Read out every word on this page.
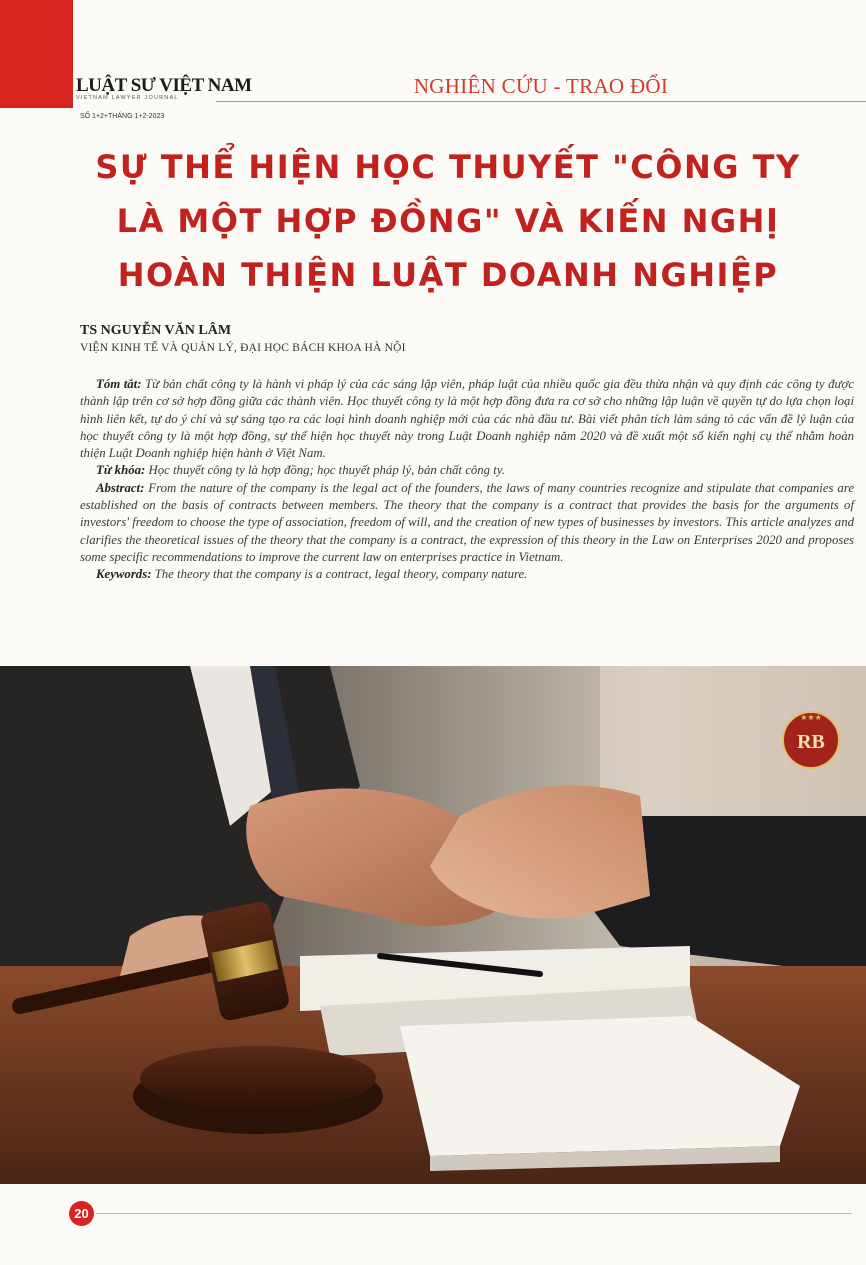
LUẬT SƯ VIỆT NAM
VIETNAM LAWYER JOURNAL
SỐ 1+2+THÁNG 1+2-2023
NGHIÊN CỨU - TRAO ĐỔI
SỰ THỂ HIỆN HỌC THUYẾT "CÔNG TY
LÀ MỘT HỢP ĐỒNG" VÀ KIẾN NGHỊ
HOÀN THIỆN LUẬT DOANH NGHIỆP
TS NGUYỄN VĂN LÂM
VIỆN KINH TẾ VÀ QUẢN LÝ, ĐẠI HỌC BÁCH KHOA HÀ NỘI

Tóm tắt: Từ bản chất công ty là hành vi pháp lý của các sáng lập viên, pháp luật của nhiều quốc gia đều thừa nhận và quy định các công ty được thành lập trên cơ sở hợp đồng giữa các thành viên. Học thuyết công ty là một hợp đồng đưa ra cơ sở cho những lập luận về quyền tự do lựa chọn loại hình liên kết, tự do ý chí và sự sáng tạo ra các loại hình doanh nghiệp mới của các nhà đầu tư. Bài viết phân tích làm sáng tỏ các vấn đề lý luận của học thuyết công ty là một hợp đồng, sự thể hiện học thuyết này trong Luật Doanh nghiệp năm 2020 và đề xuất một số kiến nghị cụ thể nhằm hoàn thiện Luật Doanh nghiệp hiện hành ở Việt Nam.

Từ khóa: Học thuyết công ty là hợp đồng; học thuyết pháp lý, bản chất công ty.

Abstract: From the nature of the company is the legal act of the founders, the laws of many countries recognize and stipulate that companies are established on the basis of contracts between members. The theory that the company is a contract that provides the basis for the arguments of investors' freedom to choose the type of association, freedom of will, and the creation of new types of businesses by investors. This article analyzes and clarifies the theoretical issues of the theory that the company is a contract, the expression of this theory in the Law on Enterprises 2020 and proposes some specific recommendations to improve the current law on enterprises practice in Vietnam.

Keywords: The theory that the company is a contract, legal theory, company nature.

RB
★★★
20
